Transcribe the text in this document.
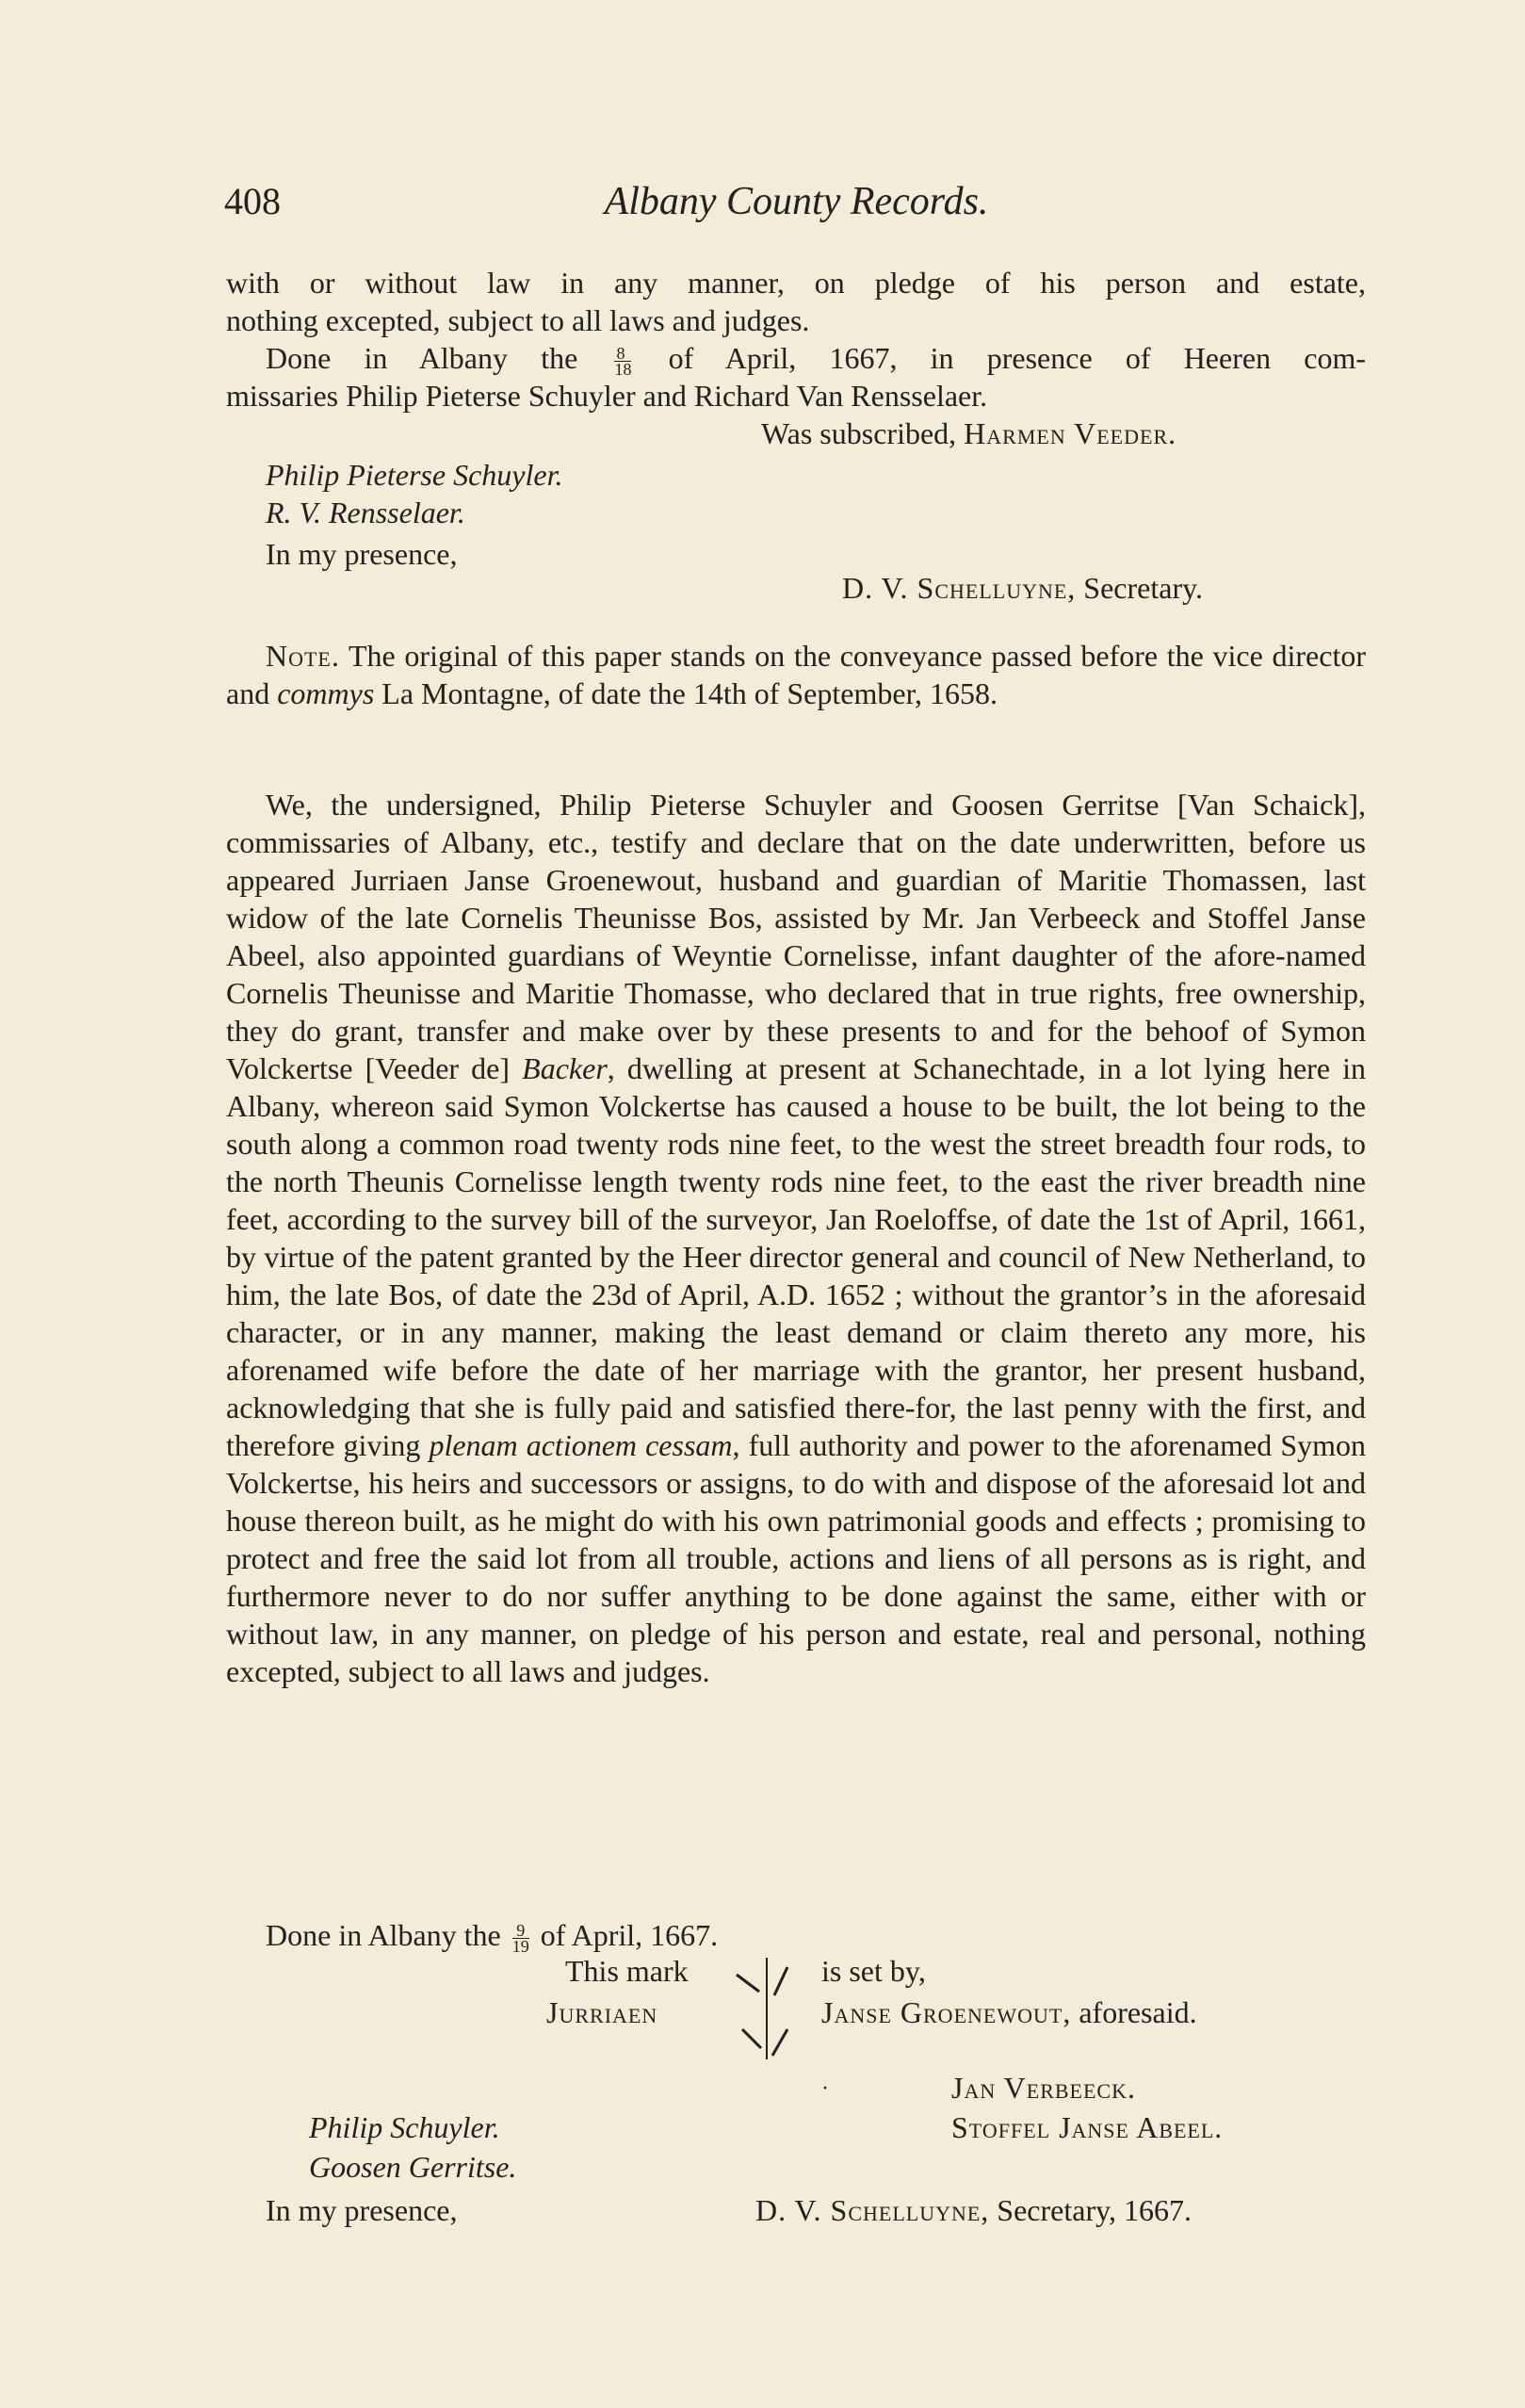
408	Albany County Records.
with or without law in any manner, on pledge of his person and estate,
nothing excepted, subject to all laws and judges.
Done in Albany the $\frac{8}{18}$ of April, 1667, in presence of Heeren com-
missaries Philip Pieterse Schuyler and Richard Van Rensselaer.
Was subscribed, Harmen Veeder.
Philip Pieterse Schuyler.
R. V. Rensselaer.
In my presence,
D. V. Schelluyne, Secretary.
Note. The original of this paper stands on the conveyance passed before the vice director and commys La Montagne, of date the 14th of September, 1658.
We, the undersigned, Philip Pieterse Schuyler and Goosen Gerritse [Van Schaick], commissaries of Albany, etc., testify and declare that on the date underwritten, before us appeared Jurriaen Janse Groenewout, husband and guardian of Maritie Thomassen, last widow of the late Cornelis Theunisse Bos, assisted by Mr. Jan Verbeeck and Stoffel Janse Abeel, also appointed guardians of Weyntie Cornelisse, infant daughter of the afore-named Cornelis Theunisse and Maritie Thomasse, who declared that in true rights, free ownership, they do grant, transfer and make over by these presents to and for the behoof of Symon Volckertse [Veeder de] Backer, dwelling at present at Schanechtade, in a lot lying here in Albany, whereon said Symon Volckertse has caused a house to be built, the lot being to the south along a common road twenty rods nine feet, to the west the street breadth four rods, to the north Theunis Cornelisse length twenty rods nine feet, to the east the river breadth nine feet, according to the survey bill of the surveyor, Jan Roeloffse, of date the 1st of April, 1661, by virtue of the patent granted by the Heer director general and council of New Netherland, to him, the late Bos, of date the 23d of April, A.D. 1652 ; without the grantor’s in the aforesaid character, or in any manner, making the least demand or claim thereto any more, his aforenamed wife before the date of her marriage with the grantor, her present husband, acknowledging that she is fully paid and satisfied there-for, the last penny with the first, and therefore giving plenam actionem cessam, full authority and power to the aforenamed Symon Volckertse, his heirs and successors or assigns, to do with and dispose of the aforesaid lot and house thereon built, as he might do with his own patrimonial goods and effects ; promising to protect and free the said lot from all trouble, actions and liens of all persons as is right, and furthermore never to do nor suffer anything to be done against the same, either with or without law, in any manner, on pledge of his person and estate, real and personal, nothing excepted, subject to all laws and judges.
Done in Albany the $\frac{9}{19}$ of April, 1667.
This mark	is set by,
Jurriaen	Janse Groenewout, aforesaid.
·	Jan Verbeeck.
Stoffel Janse Abeel.
Philip Schuyler.
Goosen Gerritse.
In my presence,	D. V. Schelluyne, Secretary, 1667.
